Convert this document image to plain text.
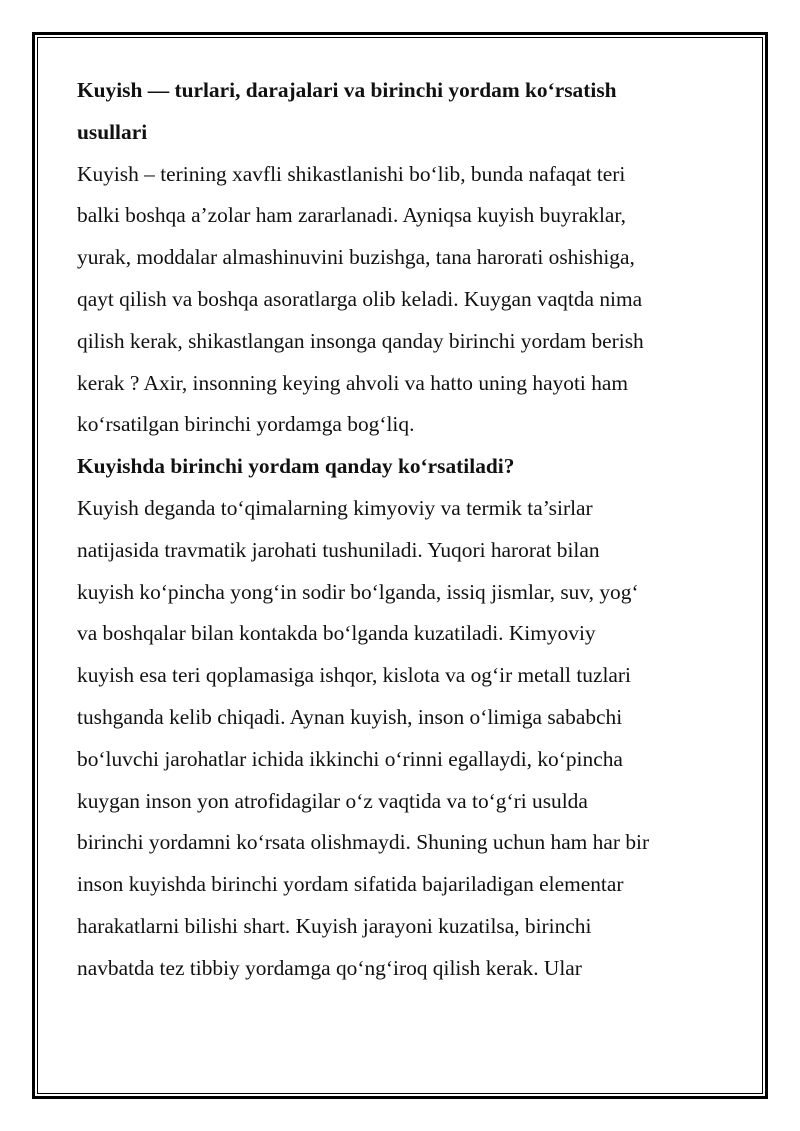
Kuyish — turlari, darajalari va birinchi yordam ko‘rsatish
usullari
Kuyish – terining xavfli shikastlanishi bo‘lib, bunda nafaqat teri
balki boshqa a’zolar ham zararlanadi. Ayniqsa kuyish buyraklar,
yurak, moddalar almashinuvini buzishga, tana harorati oshishiga,
qayt qilish va boshqa asoratlarga olib keladi. Kuygan vaqtda nima
qilish kerak, shikastlangan insonga qanday birinchi yordam berish
kerak ? Axir, insonning keying ahvoli va hatto uning hayoti ham
ko‘rsatilgan birinchi yordamga bog‘liq.
Kuyishda birinchi yordam qanday ko‘rsatiladi?
Kuyish deganda to‘qimalarning kimyoviy va termik ta’sirlar
natijasida travmatik jarohati tushuniladi. Yuqori harorat bilan
kuyish ko‘pincha yong‘in sodir bo‘lganda, issiq jismlar, suv, yog‘
va boshqalar bilan kontakda bo‘lganda kuzatiladi. Kimyoviy
kuyish esa teri qoplamasiga ishqor, kislota va og‘ir metall tuzlari
tushganda kelib chiqadi. Aynan kuyish, inson o‘limiga sababchi
bo‘luvchi jarohatlar ichida ikkinchi o‘rinni egallaydi, ko‘pincha
kuygan inson yon atrofidagilar o‘z vaqtida va to‘g‘ri usulda
birinchi yordamni ko‘rsata olishmaydi. Shuning uchun ham har bir
inson kuyishda birinchi yordam sifatida bajariladigan elementar
harakatlarni bilishi shart. Kuyish jarayoni kuzatilsa, birinchi
navbatda tez tibbiy yordamga qo‘ng‘iroq qilish kerak. Ular
